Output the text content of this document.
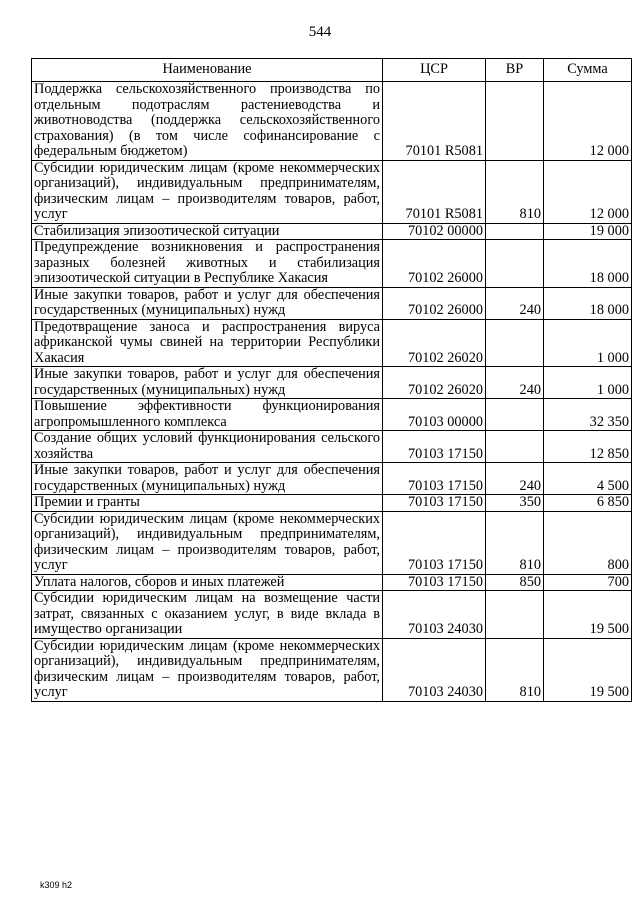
544
Наименование	ЦСР	ВР	Сумма
Поддержка сельскохозяйственного производства по отдельным подотраслям растениеводства и животноводства (поддержка сельскохозяйственного страхования) (в том числе софинансирование с федеральным бюджетом)	70101 R5081		12 000
Субсидии юридическим лицам (кроме некоммерческих организаций), индивидуальным предпринимателям, физическим лицам – производителям товаров, работ, услуг	70101 R5081	810	12 000
Стабилизация эпизоотической ситуации	70102 00000		19 000
Предупреждение возникновения и распространения заразных болезней животных и стабилизация эпизоотической ситуации в Республике Хакасия	70102 26000		18 000
Иные закупки товаров, работ и услуг для обеспечения государственных (муниципальных) нужд	70102 26000	240	18 000
Предотвращение заноса и распространения вируса африканской чумы свиней на территории Республики Хакасия	70102 26020		1 000
Иные закупки товаров, работ и услуг для обеспечения государственных (муниципальных) нужд	70102 26020	240	1 000
Повышение эффективности функционирования агропромышленного комплекса	70103 00000		32 350
Создание общих условий функционирования сельского хозяйства	70103 17150		12 850
Иные закупки товаров, работ и услуг для обеспечения государственных (муниципальных) нужд	70103 17150	240	4 500
Премии и гранты	70103 17150	350	6 850
Субсидии юридическим лицам (кроме некоммерческих организаций), индивидуальным предпринимателям, физическим лицам – производителям товаров, работ, услуг	70103 17150	810	800
Уплата налогов, сборов и иных платежей	70103 17150	850	700
Субсидии юридическим лицам на возмещение части затрат, связанных с оказанием услуг, в виде вклада в имущество организации	70103 24030		19 500
Субсидии юридическим лицам (кроме некоммерческих организаций), индивидуальным предпринимателям, физическим лицам – производителям товаров, работ, услуг	70103 24030	810	19 500
k309 h2
